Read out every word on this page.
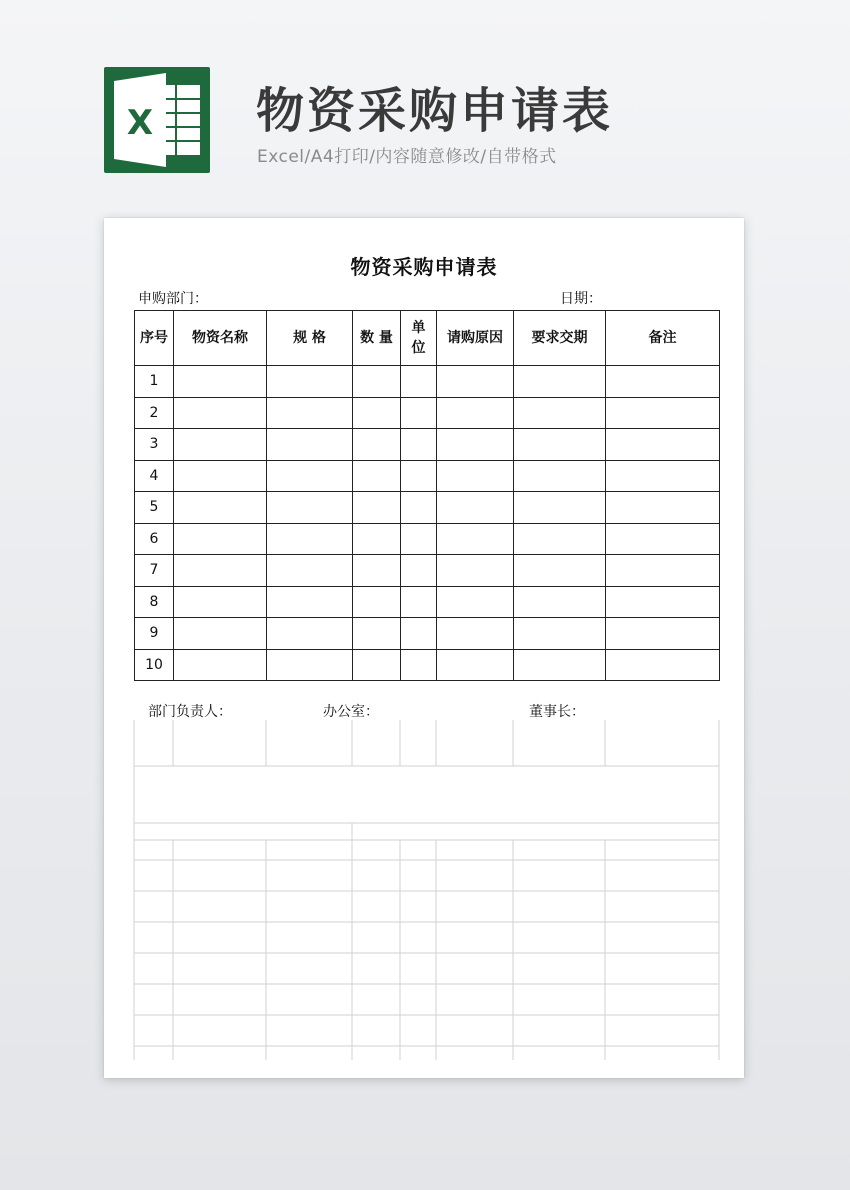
X 物资采购申请表
Excel/A4打印/内容随意修改/自带格式
物资采购申请表
申购部门：	日期：
序号	物资名称	规 格	数 量	单位	请购原因	要求交期	备注
1							
2							
3							
4							
5							
6							
7							
8							
9							
10							
部门负责人：	办公室：	董事长：
